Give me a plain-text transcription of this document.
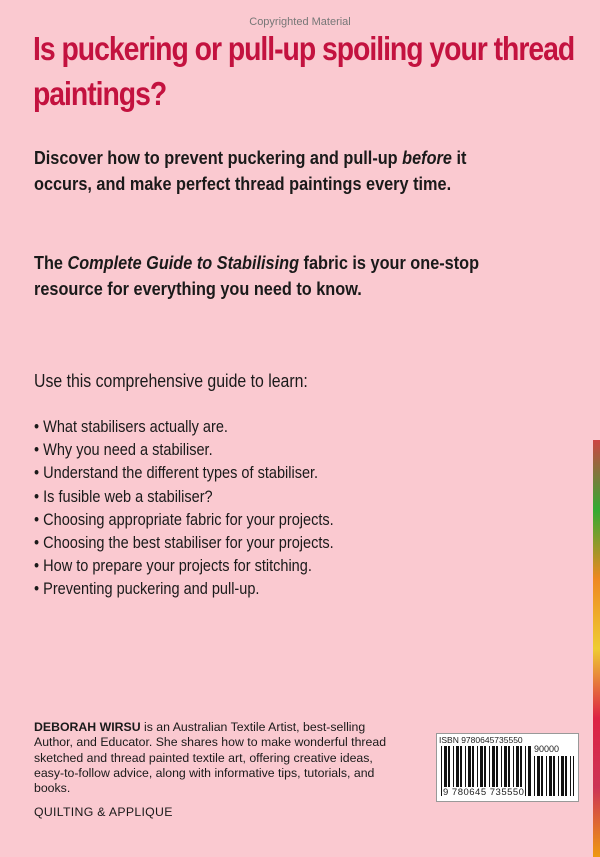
Copyrighted Material
Is puckering or pull-up spoiling your thread paintings?
Discover how to prevent puckering and pull-up before it occurs, and make perfect thread paintings every time.
The Complete Guide to Stabilising fabric is your one-stop resource for everything you need to know.
Use this comprehensive guide to learn:
• What stabilisers actually are.
• Why you need a stabiliser.
• Understand the different types of stabiliser.
• Is fusible web a stabiliser?
• Choosing appropriate fabric for your projects.
• Choosing the best stabiliser for your projects.
• How to prepare your projects for stitching.
• Preventing puckering and pull-up.
DEBORAH WIRSU is an Australian Textile Artist, best-selling Author, and Educator. She shares how to make wonderful thread sketched and thread painted textile art, offering creative ideas, easy-to-follow advice, along with informative tips, tutorials, and books.
QUILTING & APPLIQUE
ISBN 9780645735550
90000
9 780645 735550
